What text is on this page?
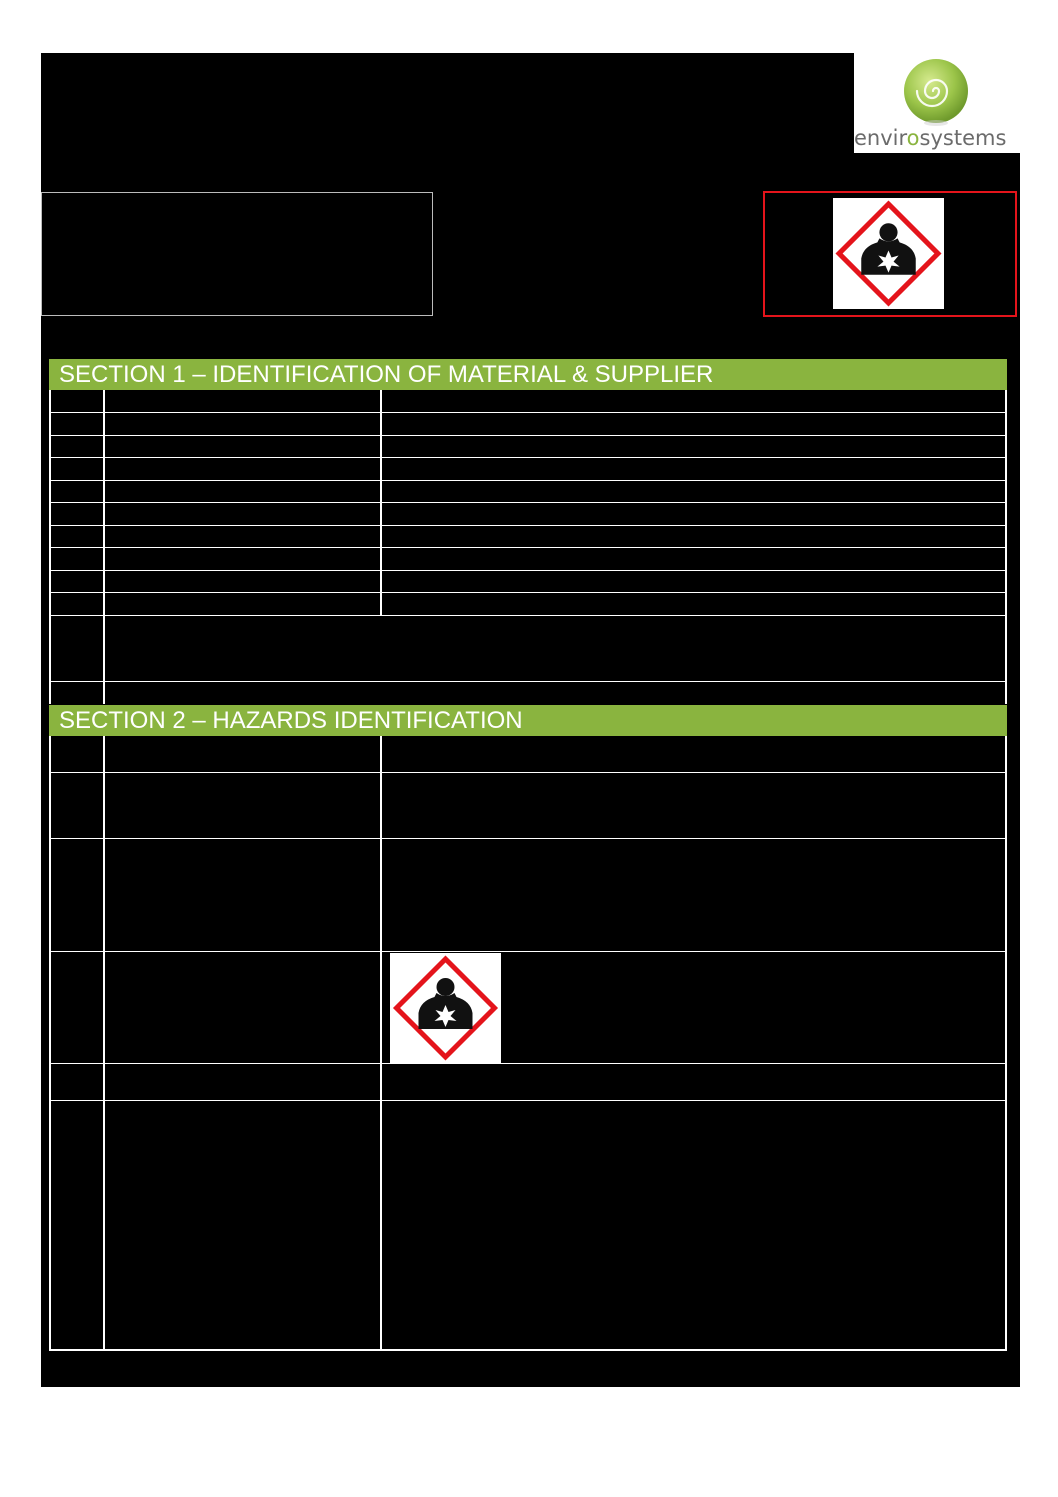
envirosystems
SECTION 1 – IDENTIFICATION OF MATERIAL & SUPPLIER
SECTION 2 – HAZARDS IDENTIFICATION
